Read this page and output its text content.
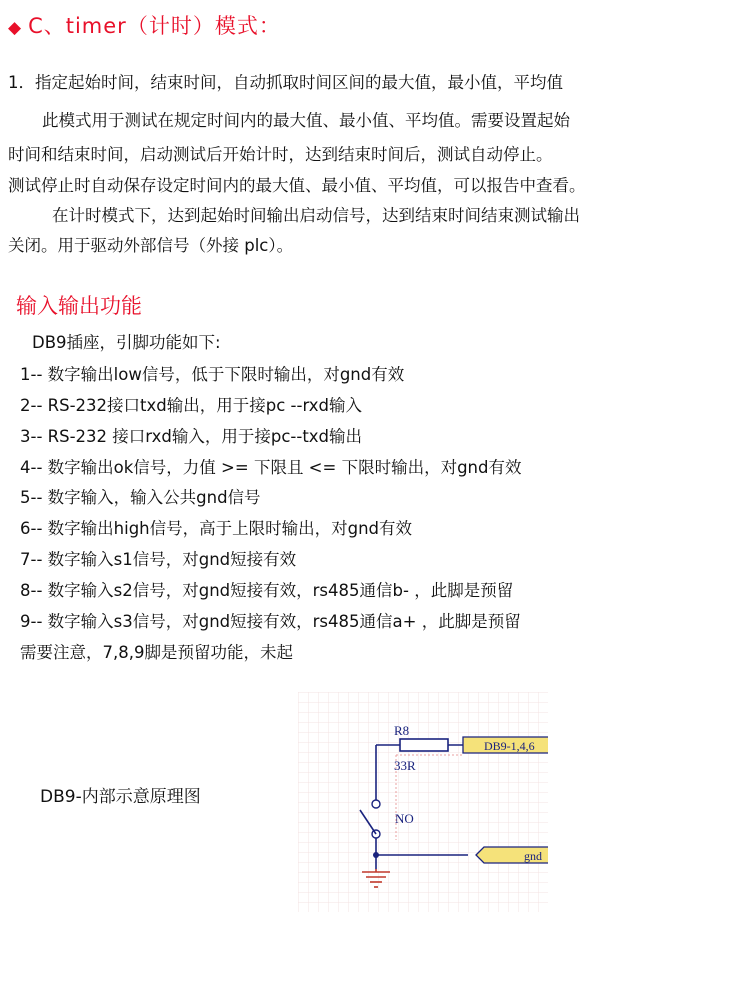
◆ C、timer（计时）模式：
1．指定起始时间，结束时间，自动抓取时间区间的最大值，最小值，平均值
此模式用于测试在规定时间内的最大值、最小值、平均值。需要设置起始
时间和结束时间，启动测试后开始计时，达到结束时间后，测试自动停止。
测试停止时自动保存设定时间内的最大值、最小值、平均值，可以报告中查看。
在计时模式下，达到起始时间输出启动信号，达到结束时间结束测试输出
关闭。用于驱动外部信号（外接 plc）。
输入输出功能
DB9插座，引脚功能如下:
1-- 数字输出low信号，低于下限时输出，对gnd有效
2-- RS-232接口txd输出，用于接pc --rxd输入
3-- RS-232 接口rxd输入，用于接pc--txd输出
4-- 数字输出ok信号，力值 >= 下限且 <= 下限时输出，对gnd有效
5-- 数字输入，输入公共gnd信号
6-- 数字输出high信号，高于上限时输出，对gnd有效
7-- 数字输入s1信号，对gnd短接有效
8-- 数字输入s2信号，对gnd短接有效，rs485通信b- ，此脚是预留
9-- 数字输入s3信号，对gnd短接有效，rs485通信a+ ，此脚是预留
需要注意，7,8,9脚是预留功能，未起
DB9-内部示意原理图
R8
33R
DB9-1,4,6
NO
gnd
